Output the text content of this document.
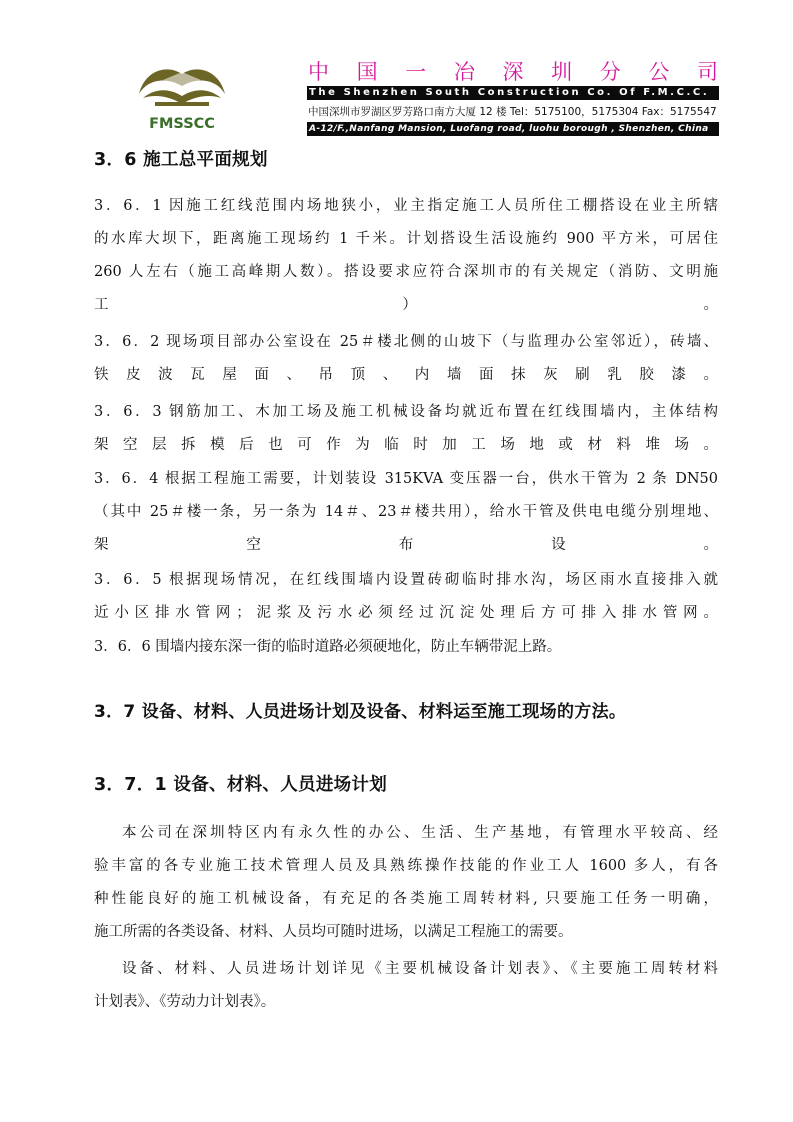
FMSSCC
中 国 一 冶 深 圳 分 公 司
The Shenzhen South Construction Co. Of F.M.C.C.
中国深圳市罗湖区罗芳路口南方大厦 12 楼 Tel：5175100，5175304 Fax：5175547
A-12/F.,Nanfang Mansion, Luofang road, luohu borough , Shenzhen, China
3．6 施工总平面规划
3．6．1 因施工红线范围内场地狭小，业主指定施工人员所住工棚搭设在业主所辖
的水库大坝下，距离施工现场约 1 千米。计划搭设生活设施约 900 平方米，可居住
260 人左右（施工高峰期人数）。搭设要求应符合深圳市的有关规定（消防、文明施
工）。
3．6．2 现场项目部办公室设在 25＃楼北侧的山坡下（与监理办公室邻近），砖墙、
铁皮波瓦屋面、吊顶、内墙面抹灰刷乳胶漆。
3．6．3 钢筋加工、木加工场及施工机械设备均就近布置在红线围墙内，主体结构
架空层拆模后也可作为临时加工场地或材料堆场。
3．6．4 根据工程施工需要，计划装设 315KVA 变压器一台，供水干管为 2 条 DN50
（其中 25＃楼一条，另一条为 14＃、23＃楼共用），给水干管及供电电缆分别埋地、
架空布设。
3．6．5 根据现场情况，在红线围墙内设置砖砌临时排水沟，场区雨水直接排入就
近小区排水管网；泥浆及污水必须经过沉淀处理后方可排入排水管网。
3．6．6 围墙内接东深一街的临时道路必须硬地化，防止车辆带泥上路。
3．7 设备、材料、人员进场计划及设备、材料运至施工现场的方法。
3．7．1 设备、材料、人员进场计划
本公司在深圳特区内有永久性的办公、生活、生产基地，有管理水平较高、经
验丰富的各专业施工技术管理人员及具熟练操作技能的作业工人 1600 多人，有各
种性能良好的施工机械设备，有充足的各类施工周转材料, 只要施工任务一明确，
施工所需的各类设备、材料、人员均可随时进场，以满足工程施工的需要。
设备、材料、人员进场计划详见《主要机械设备计划表》、《主要施工周转材料
计划表》、《劳动力计划表》。
